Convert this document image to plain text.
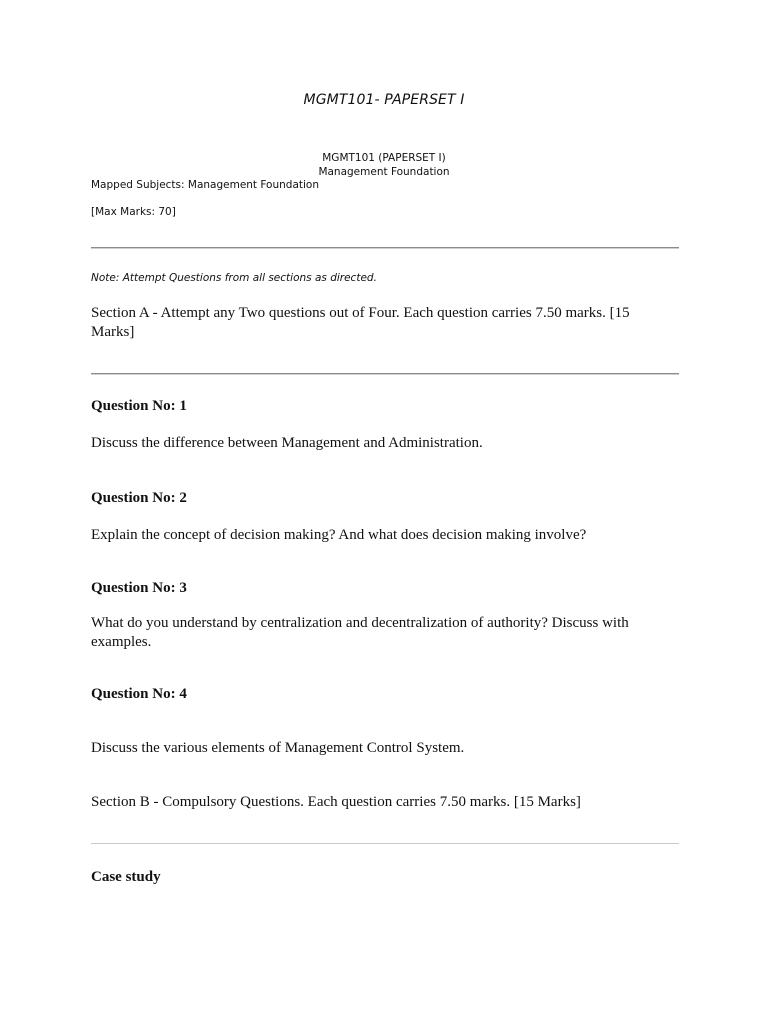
MGMT101- PAPERSET I
MGMT101 (PAPERSET I)
Management Foundation
Mapped Subjects: Management Foundation
[Max Marks: 70]
Note: Attempt Questions from all sections as directed.
Section A - Attempt any Two questions out of Four. Each question carries 7.50 marks. [15 Marks]
Question No: 1
Discuss the difference between Management and Administration.
Question No: 2
Explain the concept of decision making? And what does decision making involve?
Question No: 3
What do you understand by centralization and decentralization of authority? Discuss with examples.
Question No: 4
Discuss the various elements of Management Control System.
Section B - Compulsory Questions. Each question carries 7.50 marks. [15 Marks]
Case study
